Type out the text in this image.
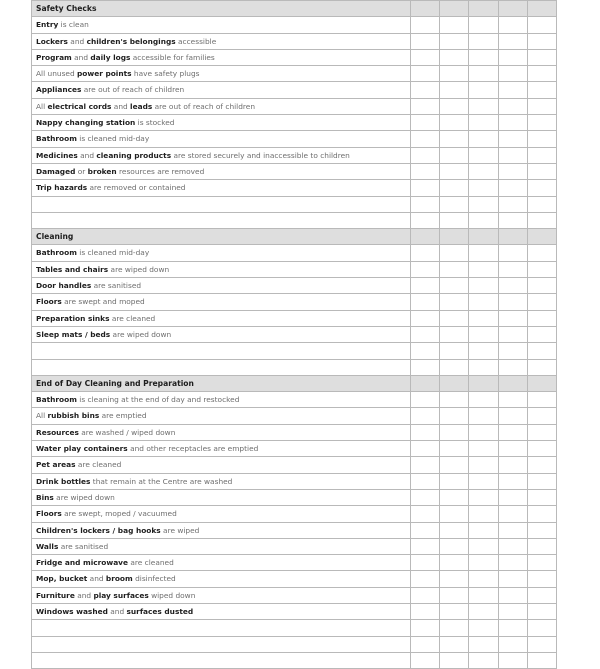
Safety Checks					
Entry is clean					
Lockers and children's belongings accessible					
Program and daily logs accessible for families					
All unused power points have safety plugs					
Appliances are out of reach of children					
All electrical cords and leads are out of reach of children					
Nappy changing station is stocked					
Bathroom is cleaned mid-day					
Medicines and cleaning products are stored securely and inaccessible to children					
Damaged or broken resources are removed					
Trip hazards are removed or contained					

Cleaning					
Bathroom is cleaned mid-day					
Tables and chairs are wiped down					
Door handles are sanitised					
Floors are swept and moped					
Preparation sinks are cleaned					
Sleep mats / beds are wiped down					

End of Day Cleaning and Preparation					
Bathroom is cleaning at the end of day and restocked					
All rubbish bins are emptied					
Resources are washed / wiped down					
Water play containers and other receptacles are emptied					
Pet areas are cleaned					
Drink bottles that remain at the Centre are washed					
Bins are wiped down					
Floors are swept, moped / vacuumed					
Children's lockers / bag hooks are wiped					
Walls are sanitised					
Fridge and microwave are cleaned					
Mop, bucket and broom disinfected					
Furniture and play surfaces wiped down					
Windows washed and surfaces dusted					
